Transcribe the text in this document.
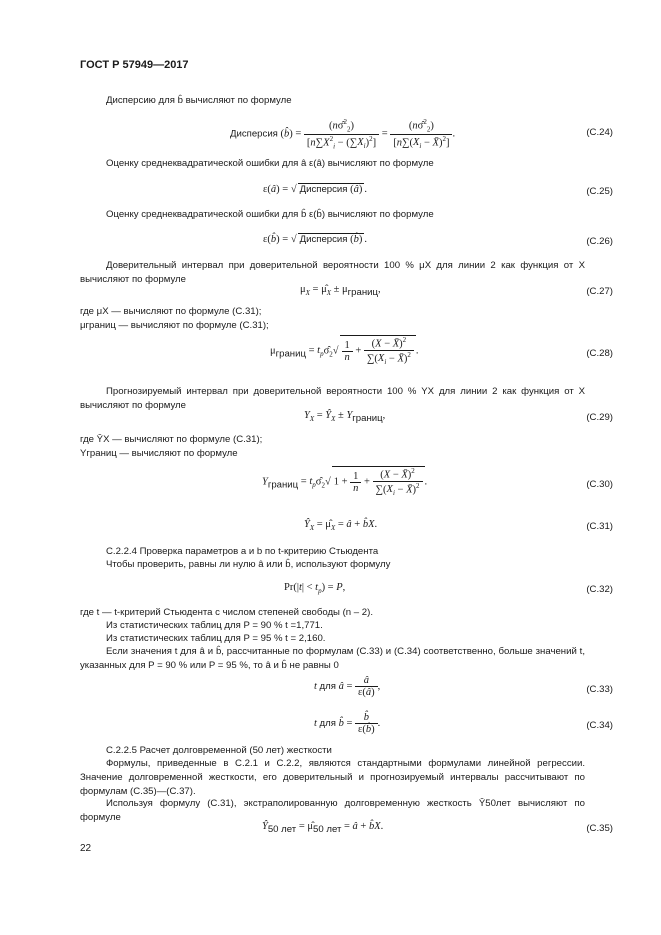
ГОСТ Р 57949—2017
Дисперсию для b̂ вычисляют по формуле
Дисперсия (b̂) = $\frac{(n\sigmâ^2_2)}{[n\sum X^2_i - (\sum X_i)^2]} = \frac{(n\sigmâ^2_2)}{[n\sum(X_i - X̄)^2]}$ .	(С.24)
Оценку среднеквадратической ошибки для â ε(â) вычисляют по формуле
ε(â) = √ Дисперсия (â) .	(С.25)
Оценку среднеквадратической ошибки для b̂ ε(b̂) вычисляют по формуле
ε(b̂) = √ Дисперсия (b̂) .	(С.26)
Доверительный интервал при доверительной вероятности 100 % μX для линии 2 как функция от X вычисляют по формуле
$\mu_X$ = $\mû_X \pm \mu_{границ}$,	(С.27)
где μX — вычисляют по формуле (С.31);
μграниц — вычисляют по формуле (С.31);
$\mu_{границ}$ = $t_p\sigmâ_2√ \frac{1}{n} + \frac{(X - X̄)^2}{\sum(X_i - X̄)^2}$ .	(С.28)
Прогнозируемый интервал при доверительной вероятности 100 % YX для линии 2 как функция от X вычисляют по формуле
$Y_X$ = $Ŷ_X \pm Y_{границ}$,	(С.29)
где ŶX — вычисляют по формуле (С.31);
Yграниц — вычисляют по формуле
$Y_{границ}$ = $t_p\sigmâ_2√$ $1 + \frac{1}{n} + \frac{(X - X̄)^2}{\sum(X_i - X̄)^2}$ .	(С.30)
$Ŷ_X$ = $\mû_X$ = â + b̂X.	(С.31)
С.2.2.4 Проверка параметров a и b по t-критерию Стьюдента
Чтобы проверить, равны ли нулю â или b̂, используют формулу
$Pr(|t| < t_p) = P$,	(С.32)
где t — t-критерий Стьюдента с числом степеней свободы (n – 2).
Из статистических таблиц для P = 90 % t =1,771.
Из статистических таблиц для P = 95 % t = 2,160.
Если значения t для â и b̂, рассчитанные по формулам (С.33) и (С.34) соответственно, больше значений t, указанных для P = 90 % или P = 95 %, то â и b̂ не равны 0
t для â = $\frac{â}{\varepsilon(â)}$ ,	(С.33)
t для b̂ = $\frac{b̂}{\varepsilon(b̂)}$ .	(С.34)
С.2.2.5 Расчет долговременной (50 лет) жесткости
Формулы, приведенные в С.2.1 и С.2.2, являются стандартными формулами линейной регрессии. Значение долговременной жесткости, его доверительный и прогнозируемый интервалы рассчитывают по формулам (С.35)—(С.37).
Используя формулу (С.31), экстраполированную долговременную жесткость Ŷ50лет вычисляют по формуле
$Ŷ_{50 лет}$ = $\mû_{50 лет}$ = â + b̂X.	(С.35)
22
